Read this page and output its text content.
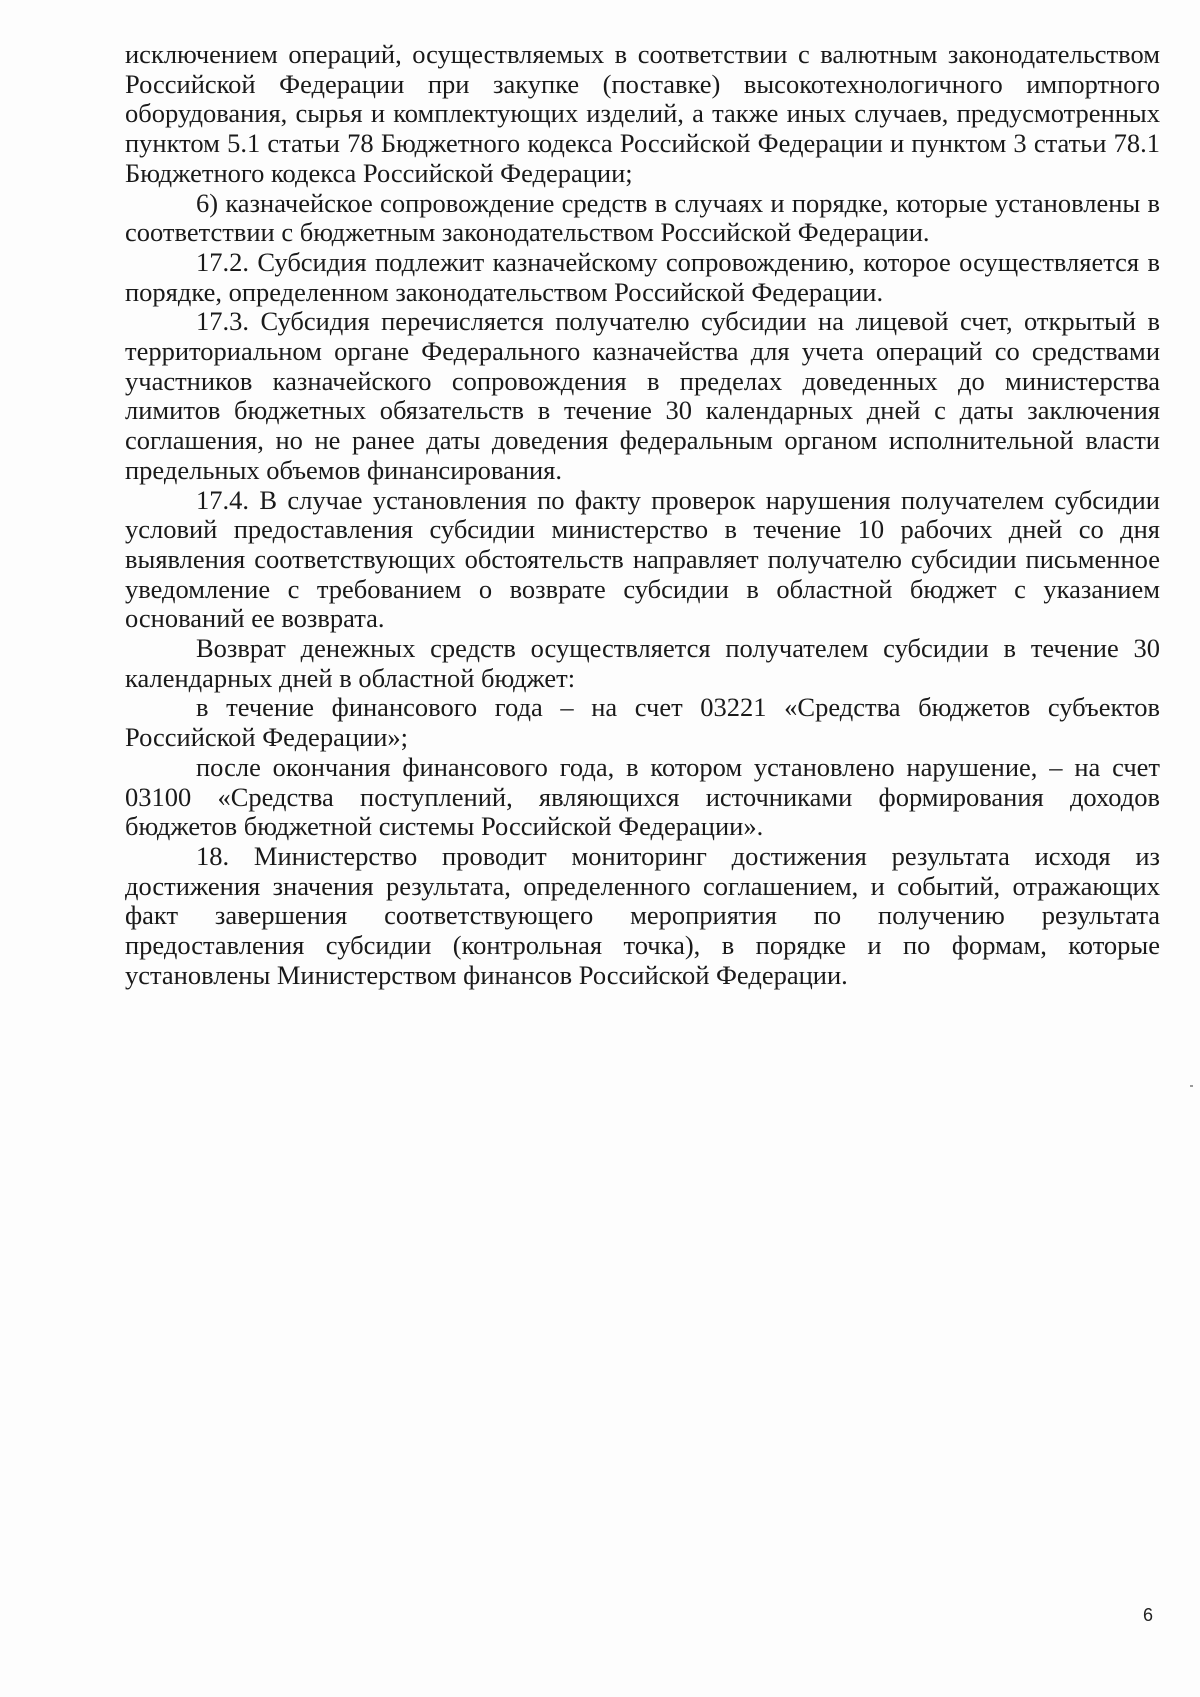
исключением операций, осуществляемых в соответствии с валютным законодательством Российской Федерации при закупке (поставке) высокотехнологичного импортного оборудования, сырья и комплектующих изделий, а также иных случаев, предусмотренных пунктом 5.1 статьи 78 Бюджетного кодекса Российской Федерации и пунктом 3 статьи 78.1 Бюджетного кодекса Российской Федерации;

6) казначейское сопровождение средств в случаях и порядке, которые установлены в соответствии с бюджетным законодательством Российской Федерации.

17.2. Субсидия подлежит казначейскому сопровождению, которое осуществляется в порядке, определенном законодательством Российской Федерации.

17.3. Субсидия перечисляется получателю субсидии на лицевой счет, открытый в территориальном органе Федерального казначейства для учета операций со средствами участников казначейского сопровождения в пределах доведенных до министерства лимитов бюджетных обязательств в течение 30 календарных дней с даты заключения соглашения, но не ранее даты доведения федеральным органом исполнительной власти предельных объемов финансирования.

17.4. В случае установления по факту проверок нарушения получателем субсидии условий предоставления субсидии министерство в течение 10 рабочих дней со дня выявления соответствующих обстоятельств направляет получателю субсидии письменное уведомление с требованием о возврате субсидии в областной бюджет с указанием оснований ее возврата.

Возврат денежных средств осуществляется получателем субсидии в течение 30 календарных дней в областной бюджет:

в течение финансового года – на счет 03221 «Средства бюджетов субъектов Российской Федерации»;

после окончания финансового года, в котором установлено нарушение, – на счет 03100 «Средства поступлений, являющихся источниками формирования доходов бюджетов бюджетной системы Российской Федерации».

18. Министерство проводит мониторинг достижения результата исходя из достижения значения результата, определенного соглашением, и событий, отражающих факт завершения соответствующего мероприятия по получению результата предоставления субсидии (контрольная точка), в порядке и по формам, которые установлены Министерством финансов Российской Федерации.

6
